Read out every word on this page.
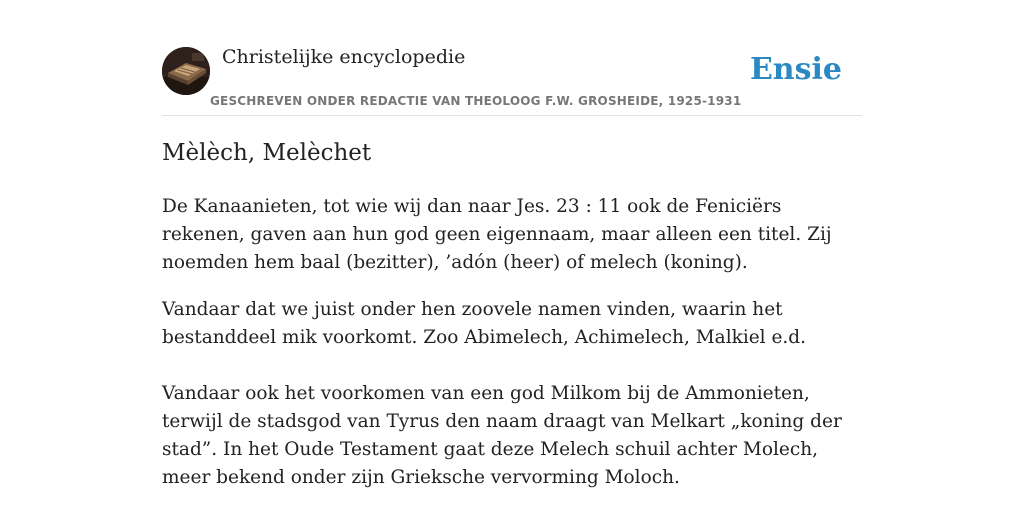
Christelijke encyclopedie
GESCHREVEN ONDER REDACTIE VAN THEOLOOG F.W. GROSHEIDE, 1925-1931
Ensie
Mèlèch, Melèchet

De Kanaanieten, tot wie wij dan naar Jes. 23 : 11 ook de Feniciërs rekenen, gaven aan hun god geen eigennaam, maar alleen een titel. Zij noemden hem baal (bezitter), ’adón (heer) of melech (koning).

Vandaar dat we juist onder hen zoovele namen vinden, waarin het bestanddeel mik voorkomt. Zoo Abimelech, Achimelech, Malkiel e.d.

Vandaar ook het voorkomen van een god Milkom bij de Ammonieten, terwijl de stadsgod van Tyrus den naam draagt van Melkart „koning der stad”. In het Oude Testament gaat deze Melech schuil achter Molech, meer bekend onder zijn Grieksche vervorming Moloch.
